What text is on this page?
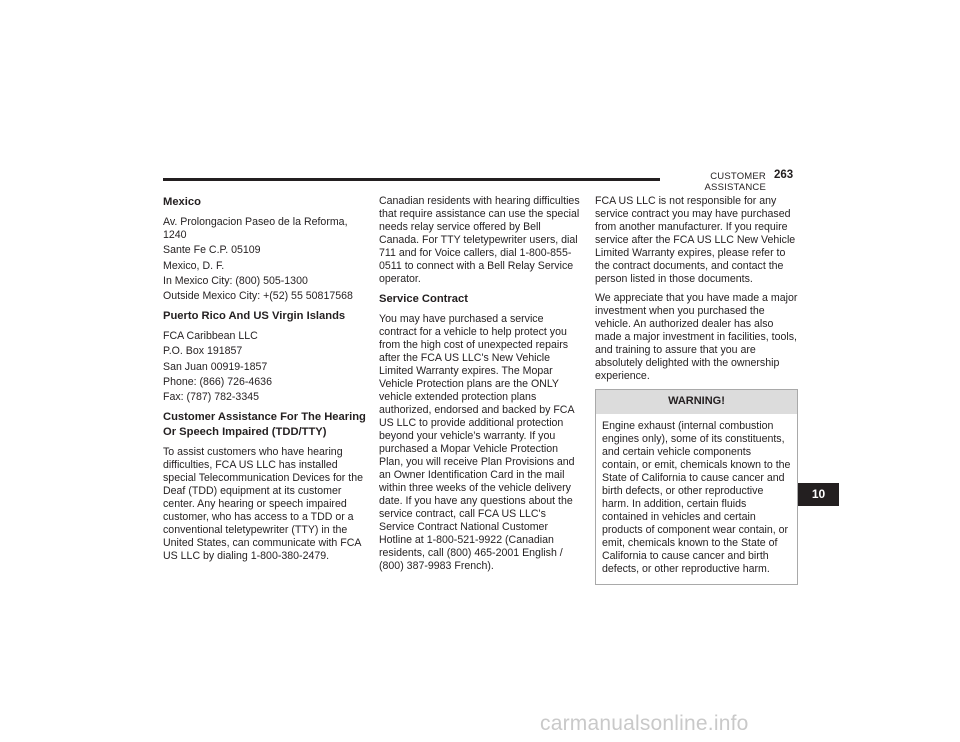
CUSTOMER ASSISTANCE
263
Mexico
Av. Prolongacion Paseo de la Reforma, 1240
Sante Fe C.P. 05109
Mexico, D. F.
In Mexico City: (800) 505-1300
Outside Mexico City: +(52) 55 50817568
Puerto Rico And US Virgin Islands
FCA Caribbean LLC
P.O. Box 191857
San Juan 00919-1857
Phone: (866) 726-4636
Fax: (787) 782-3345
Customer Assistance For The Hearing Or Speech Impaired (TDD/TTY)

To assist customers who have hearing difficulties, FCA US LLC has installed special Telecommunication Devices for the Deaf (TDD) equipment at its customer center. Any hearing or speech impaired customer, who has access to a TDD or a conventional teletypewriter (TTY) in the United States, can communicate with FCA US LLC by dialing 1-800-380-2479.

Canadian residents with hearing difficulties that require assistance can use the special needs relay service offered by Bell Canada. For TTY teletypewriter users, dial 711 and for Voice callers, dial 1-800-855-0511 to connect with a Bell Relay Service operator.

Service Contract

You may have purchased a service contract for a vehicle to help protect you from the high cost of unexpected repairs after the FCA US LLC's New Vehicle Limited Warranty expires. The Mopar Vehicle Protection plans are the ONLY vehicle extended protection plans authorized, endorsed and backed by FCA US LLC to provide additional protection beyond your vehicle’s warranty. If you purchased a Mopar Vehicle Protection Plan, you will receive Plan Provisions and an Owner Identification Card in the mail within three weeks of the vehicle delivery date. If you have any questions about the service contract, call FCA US LLC's Service Contract National Customer Hotline at 1-800-521-9922 (Canadian residents, call (800) 465-2001 English / (800) 387-9983 French).

FCA US LLC is not responsible for any service contract you may have purchased from another manufacturer. If you require service after the FCA US LLC New Vehicle Limited Warranty expires, please refer to the contract documents, and contact the person listed in those documents.

We appreciate that you have made a major investment when you purchased the vehicle. An authorized dealer has also made a major investment in facilities, tools, and training to assure that you are absolutely delighted with the ownership experience.

WARNING!
Engine exhaust (internal combustion engines only), some of its constituents, and certain vehicle components contain, or emit, chemicals known to the State of California to cause cancer and birth defects, or other reproductive harm. In addition, certain fluids contained in vehicles and certain products of component wear contain, or emit, chemicals known to the State of California to cause cancer and birth defects, or other reproductive harm.
10
carmanualsonline.info
